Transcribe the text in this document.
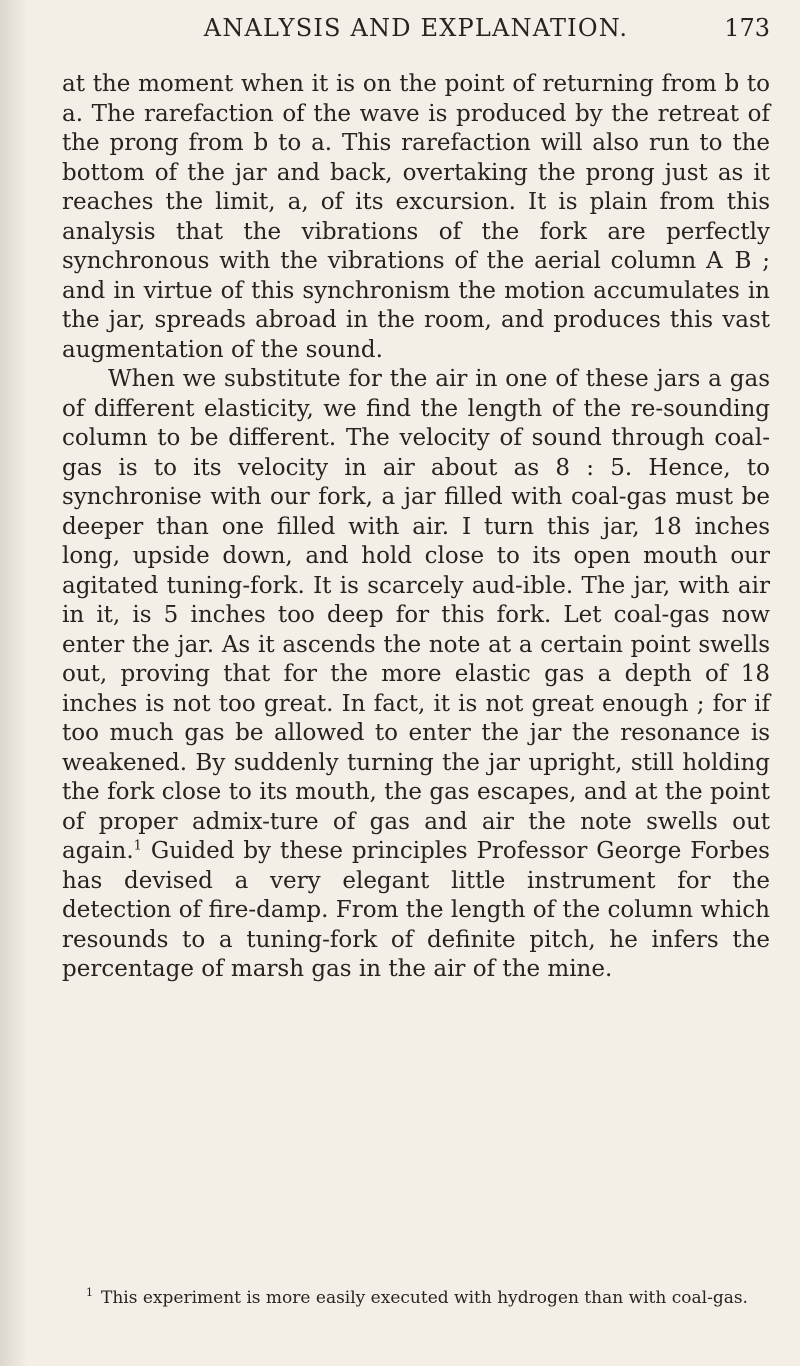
ANALYSIS AND EXPLANATION.	173

at the moment when it is on the point of returning from b to a. The rarefaction of the wave is produced by the retreat of the prong from b to a. This rarefaction will also run to the bottom of the jar and back, overtaking the prong just as it reaches the limit, a, of its excursion. It is plain from this analysis that the vibrations of the fork are perfectly synchronous with the vibrations of the aerial column A B ; and in virtue of this synchronism the motion accumulates in the jar, spreads abroad in the room, and produces this vast augmentation of the sound.

When we substitute for the air in one of these jars a gas of different elasticity, we find the length of the re-sounding column to be different. The velocity of sound through coal-gas is to its velocity in air about as 8 : 5. Hence, to synchronise with our fork, a jar filled with coal-gas must be deeper than one filled with air. I turn this jar, 18 inches long, upside down, and hold close to its open mouth our agitated tuning-fork. It is scarcely aud-ible. The jar, with air in it, is 5 inches too deep for this fork. Let coal-gas now enter the jar. As it ascends the note at a certain point swells out, proving that for the more elastic gas a depth of 18 inches is not too great. In fact, it is not great enough ; for if too much gas be allowed to enter the jar the resonance is weakened. By suddenly turning the jar upright, still holding the fork close to its mouth, the gas escapes, and at the point of proper admix-ture of gas and air the note swells out again.$^1$ Guided by these principles Professor George Forbes has devised a very elegant little instrument for the detection of fire-damp. From the length of the column which resounds to a tuning-fork of definite pitch, he infers the percentage of marsh gas in the air of the mine.

$^1$ This experiment is more easily executed with hydrogen than with coal-gas.
